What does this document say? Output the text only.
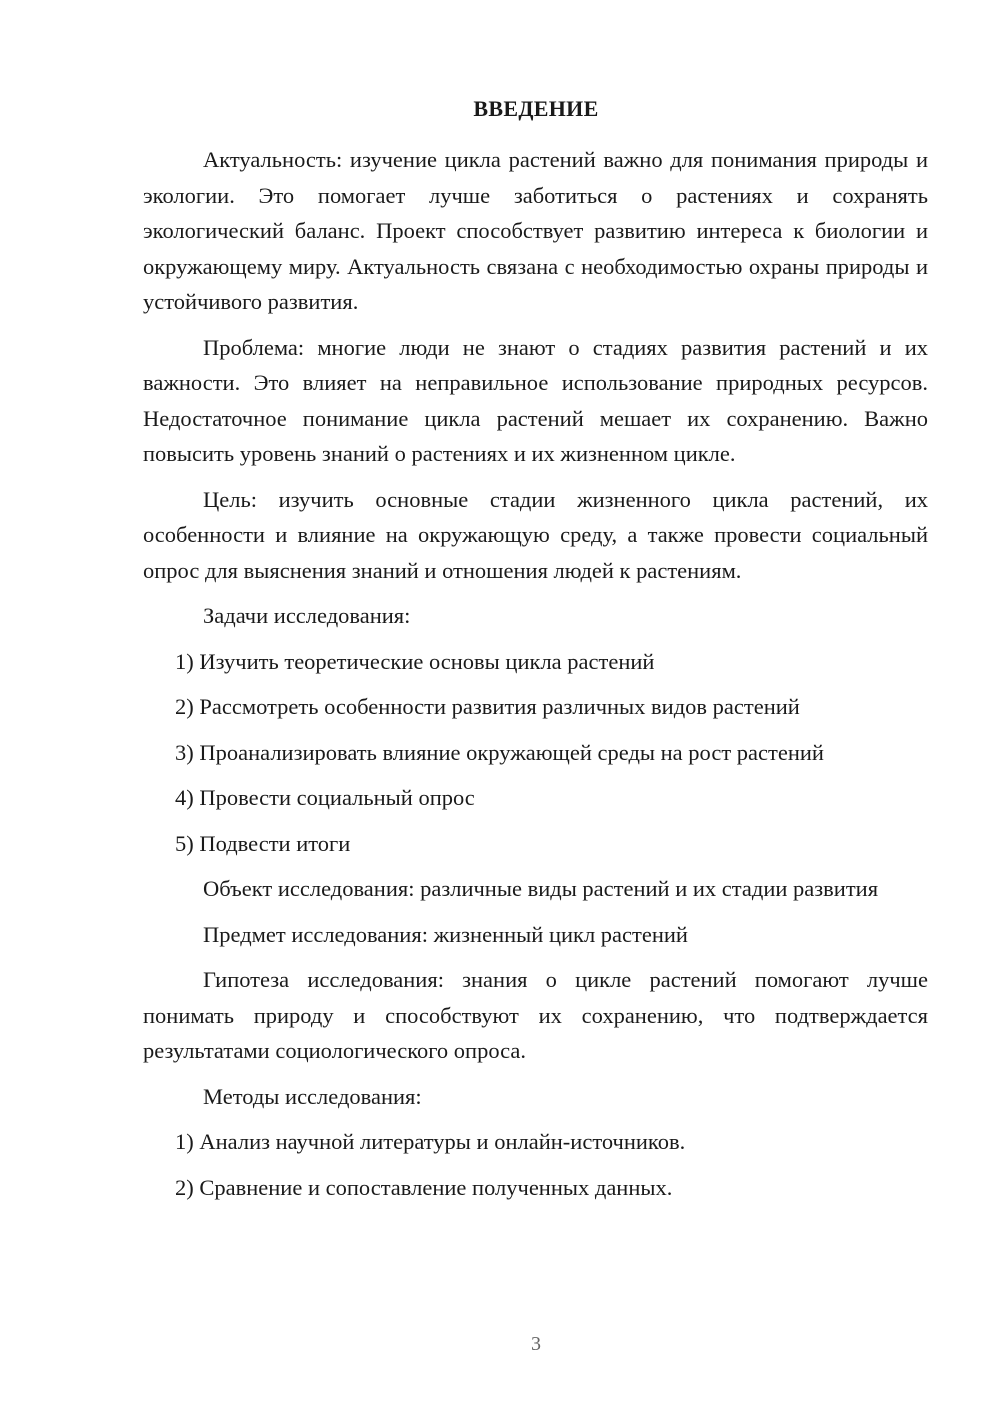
ВВЕДЕНИЕ

Актуальность: изучение цикла растений важно для понимания природы и экологии. Это помогает лучше заботиться о растениях и сохранять экологический баланс. Проект способствует развитию интереса к биологии и окружающему миру. Актуальность связана с необходимостью охраны природы и устойчивого развития.

Проблема: многие люди не знают о стадиях развития растений и их важности. Это влияет на неправильное использование природных ресурсов. Недостаточное понимание цикла растений мешает их сохранению. Важно повысить уровень знаний о растениях и их жизненном цикле.

Цель: изучить основные стадии жизненного цикла растений, их особенности и влияние на окружающую среду, а также провести социальный опрос для выяснения знаний и отношения людей к растениям.

Задачи исследования:

1) Изучить теоретические основы цикла растений
2) Рассмотреть особенности развития различных видов растений
3) Проанализировать влияние окружающей среды на рост растений
4) Провести социальный опрос
5) Подвести итоги

Объект исследования: различные виды растений и их стадии развития

Предмет исследования: жизненный цикл растений

Гипотеза исследования: знания о цикле растений помогают лучше понимать природу и способствуют их сохранению, что подтверждается результатами социологического опроса.

Методы исследования:

1) Анализ научной литературы и онлайн-источников.
2) Сравнение и сопоставление полученных данных.
3
